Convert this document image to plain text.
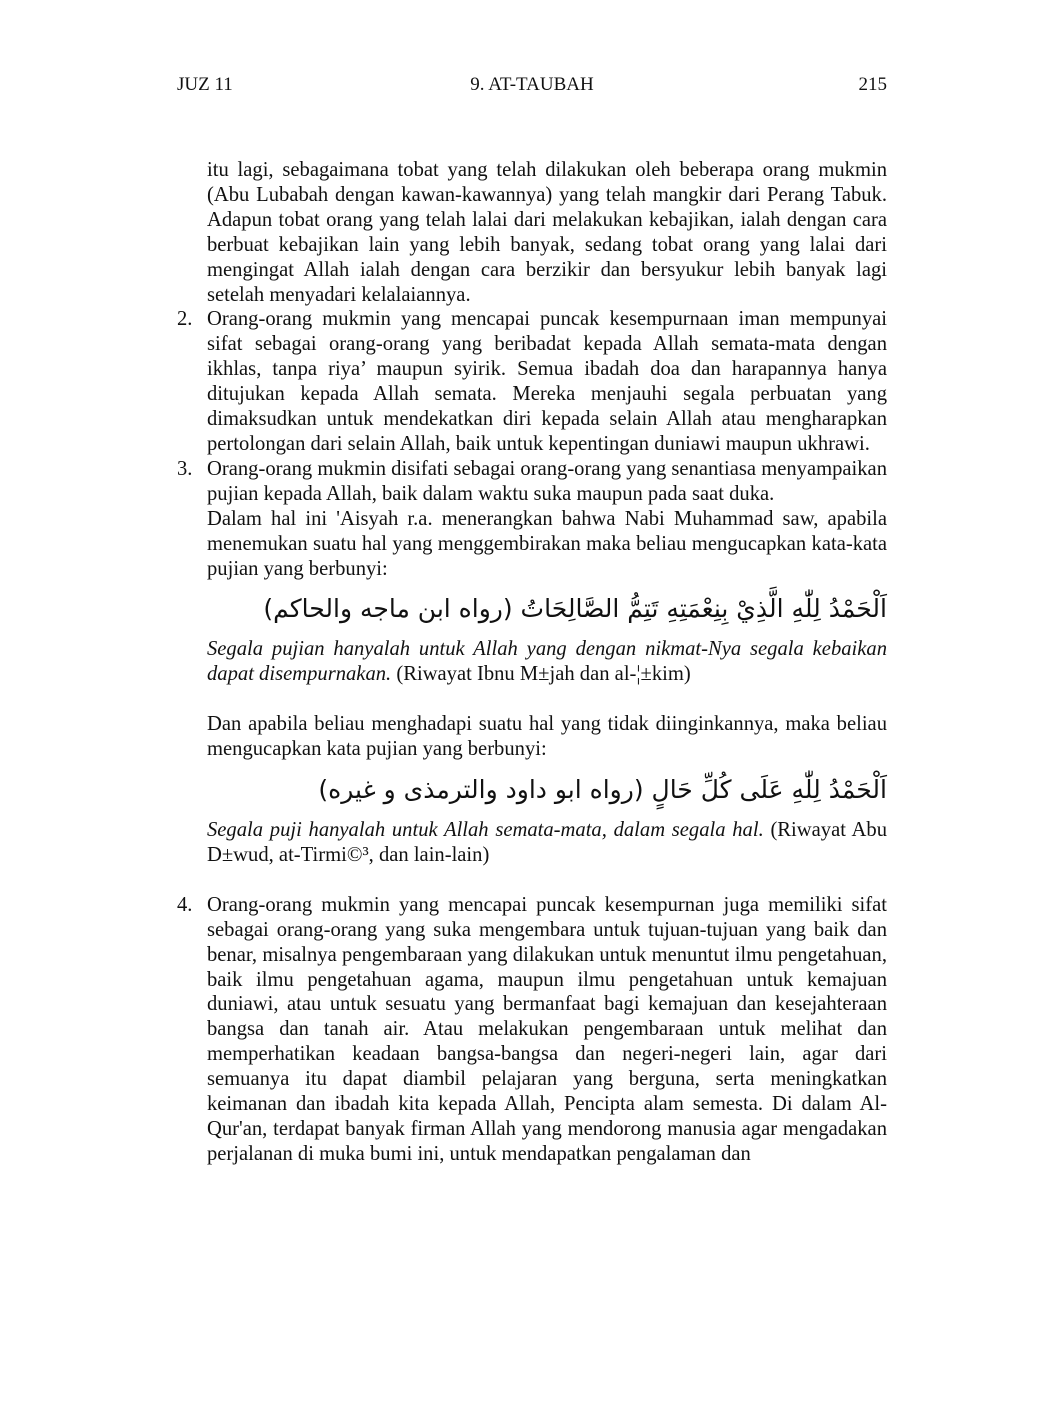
JUZ 11	9. AT-TAUBAH	215

itu lagi, sebagaimana tobat yang telah dilakukan oleh beberapa orang mukmin (Abu Lubabah dengan kawan-kawannya) yang telah mangkir dari Perang Tabuk. Adapun tobat orang yang telah lalai dari melakukan kebajikan, ialah dengan cara berbuat kebajikan lain yang lebih banyak, sedang tobat orang yang lalai dari mengingat Allah ialah dengan cara berzikir dan bersyukur lebih banyak lagi setelah menyadari kelalaiannya.

2. Orang-orang mukmin yang mencapai puncak kesempurnaan iman mempunyai sifat sebagai orang-orang yang beribadat kepada Allah semata-mata dengan ikhlas, tanpa riya’ maupun syirik. Semua ibadah doa dan harapannya hanya ditujukan kepada Allah semata. Mereka menjauhi segala perbuatan yang dimaksudkan untuk mendekatkan diri kepada selain Allah atau mengharapkan pertolongan dari selain Allah, baik untuk kepentingan duniawi maupun ukhrawi.

3. Orang-orang mukmin disifati sebagai orang-orang yang senantiasa menyampaikan pujian kepada Allah, baik dalam waktu suka maupun pada saat duka.

Dalam hal ini 'Aisyah r.a. menerangkan bahwa Nabi Muhammad saw, apabila menemukan suatu hal yang menggembirakan maka beliau mengucapkan kata-kata pujian yang berbunyi:

اَلْحَمْدُ لِلّٰهِ الَّذِيْ بِنِعْمَتِهِ تَتِمُّ الصَّالِحَاتُ (رواه ابن ماجه والحاكم)

Segala pujian hanyalah untuk Allah yang dengan nikmat-Nya segala kebaikan dapat disempurnakan. (Riwayat Ibnu M±jah dan al-¦±kim)

Dan apabila beliau menghadapi suatu hal yang tidak diinginkannya, maka beliau mengucapkan kata pujian yang berbunyi:

اَلْحَمْدُ لِلّٰهِ عَلَى كُلِّ حَالٍ (رواه ابو داود والترمذى و غيره)

Segala puji hanyalah untuk Allah semata-mata, dalam segala hal. (Riwayat Abu D±wud, at-Tirmi©³, dan lain-lain)

4. Orang-orang mukmin yang mencapai puncak kesempurnan juga memiliki sifat sebagai orang-orang yang suka mengembara untuk tujuan-tujuan yang baik dan benar, misalnya pengembaraan yang dilakukan untuk menuntut ilmu pengetahuan, baik ilmu pengetahuan agama, maupun ilmu pengetahuan untuk kemajuan duniawi, atau untuk sesuatu yang bermanfaat bagi kemajuan dan kesejahteraan bangsa dan tanah air. Atau melakukan pengembaraan untuk melihat dan memperhatikan keadaan bangsa-bangsa dan negeri-negeri lain, agar dari semuanya itu dapat diambil pelajaran yang berguna, serta meningkatkan keimanan dan ibadah kita kepada Allah, Pencipta alam semesta. Di dalam Al-Qur'an, terdapat banyak firman Allah yang mendorong manusia agar mengadakan perjalanan di muka bumi ini, untuk mendapatkan pengalaman dan
